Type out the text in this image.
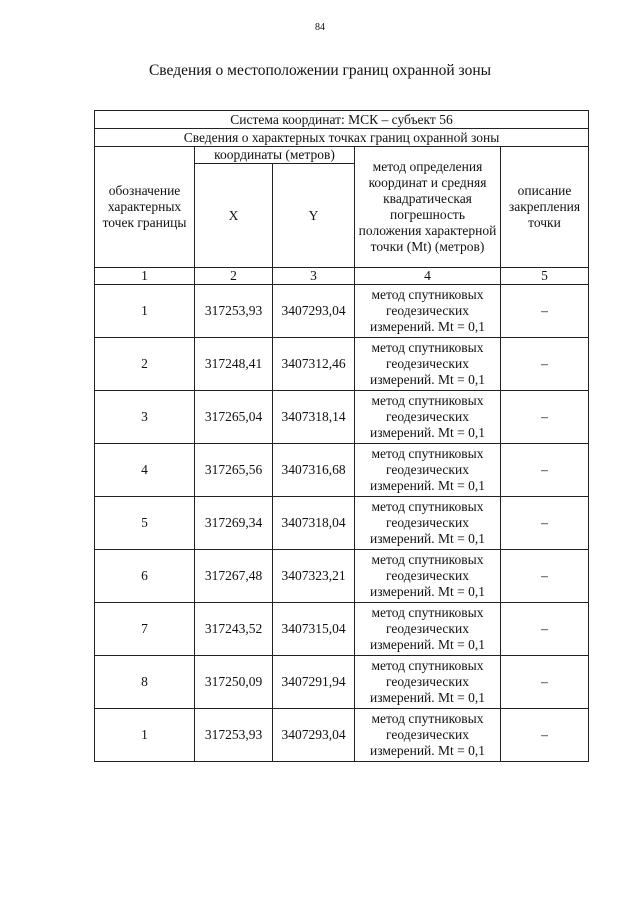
84
Сведения о местоположении границ охранной зоны
Система координат: МСК – субъект 56				
Сведения о характерных точках границ охранной зоны				
обозначение характерных точек границы	координаты (метров)		метод определения координат и средняя квадратическая погрешность положения характерной точки (Mt) (метров)	описание закрепления точки
	X	Y		
1	2	3	4	5
1	317253,93	3407293,04	метод спутниковых
геодезических
измерений. Mt = 0,1	–
2	317248,41	3407312,46	метод спутниковых
геодезических
измерений. Mt = 0,1	–
3	317265,04	3407318,14	метод спутниковых
геодезических
измерений. Mt = 0,1	–
4	317265,56	3407316,68	метод спутниковых
геодезических
измерений. Mt = 0,1	–
5	317269,34	3407318,04	метод спутниковых
геодезических
измерений. Mt = 0,1	–
6	317267,48	3407323,21	метод спутниковых
геодезических
измерений. Mt = 0,1	–
7	317243,52	3407315,04	метод спутниковых
геодезических
измерений. Mt = 0,1	–
8	317250,09	3407291,94	метод спутниковых
геодезических
измерений. Mt = 0,1	–
1	317253,93	3407293,04	метод спутниковых
геодезических
измерений. Mt = 0,1	–
